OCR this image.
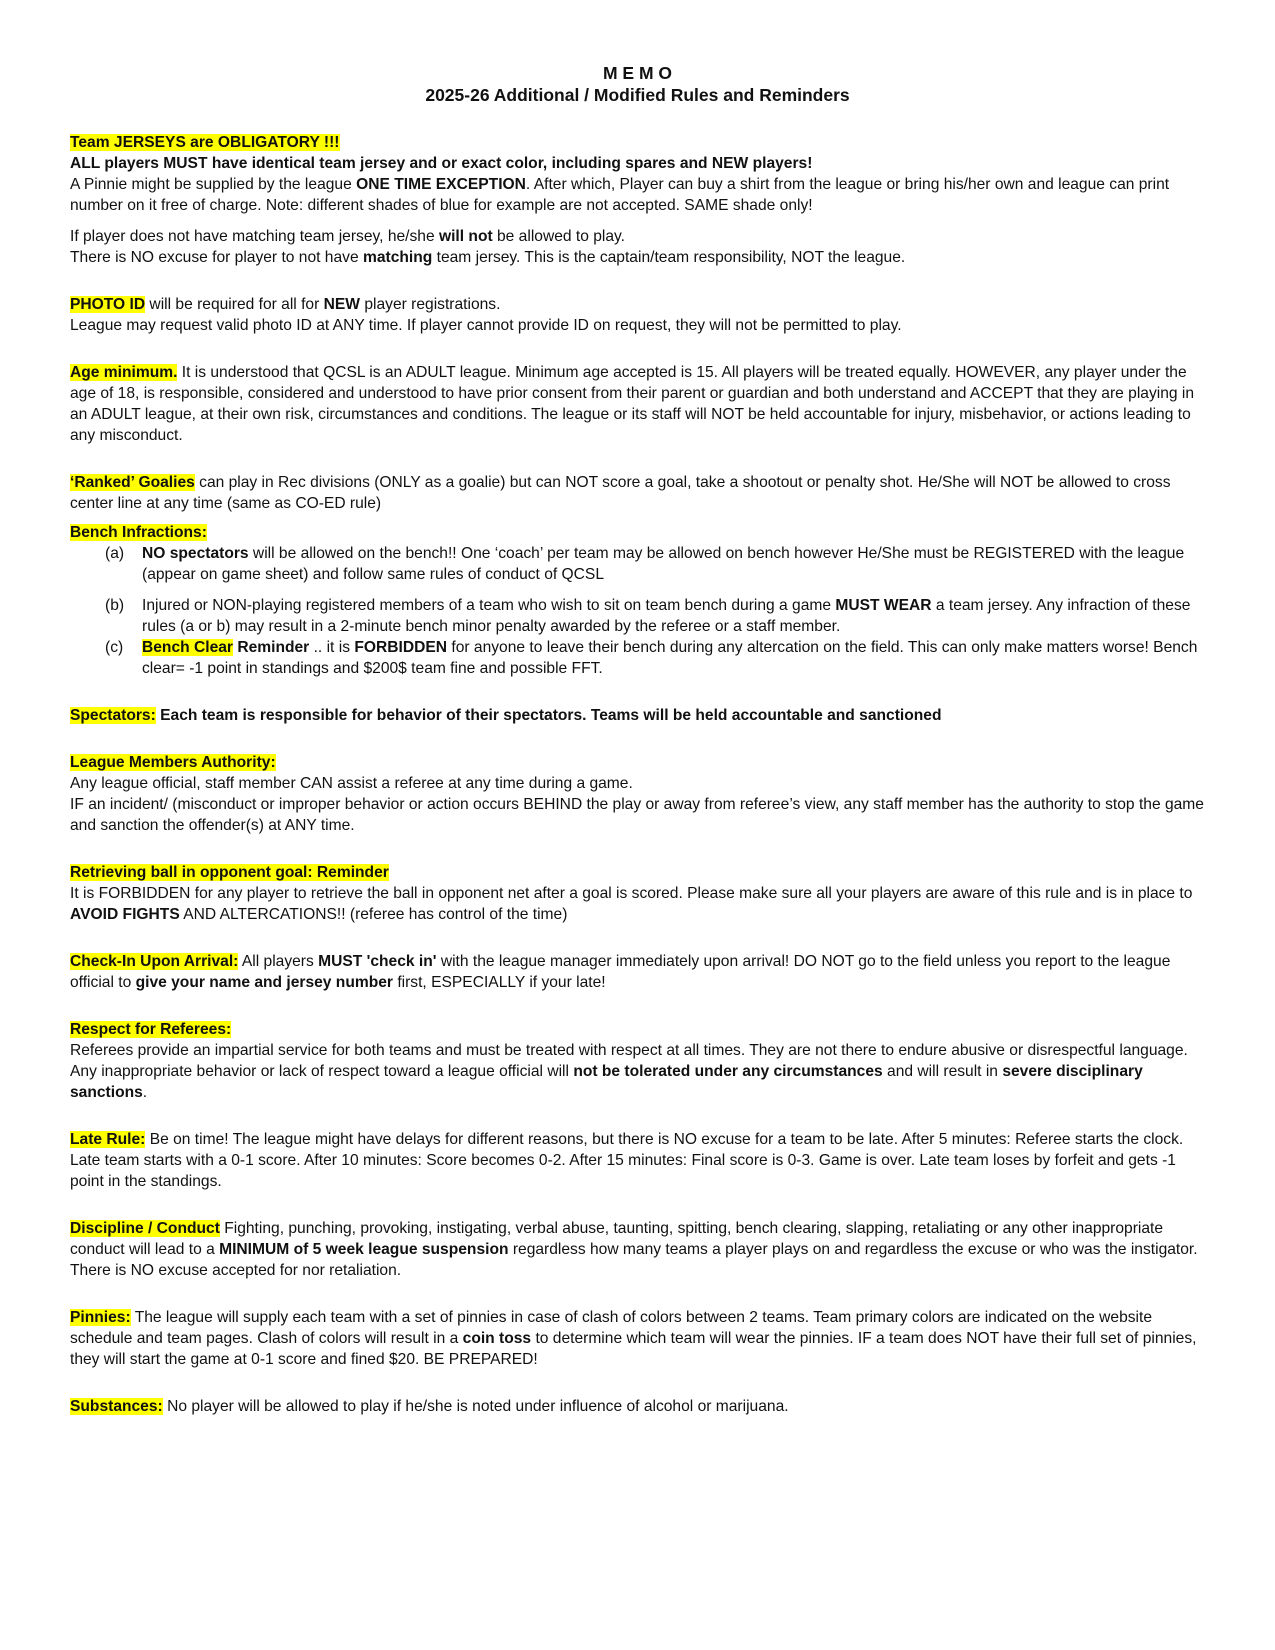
M E M O
2025-26 Additional / Modified Rules and Reminders

Team JERSEYS are OBLIGATORY !!!

ALL players MUST have identical team jersey and or exact color, including spares and NEW players!

A Pinnie might be supplied by the league ONE TIME EXCEPTION. After which, Player can buy a shirt from the league or bring his/her own and league can print number on it free of charge. Note: different shades of blue for example are not accepted. SAME shade only!

If player does not have matching team jersey, he/she will not be allowed to play.

There is NO excuse for player to not have matching team jersey. This is the captain/team responsibility, NOT the league.

PHOTO ID will be required for all for NEW player registrations.

League may request valid photo ID at ANY time. If player cannot provide ID on request, they will not be permitted to play.

Age minimum. It is understood that QCSL is an ADULT league. Minimum age accepted is 15. All players will be treated equally. HOWEVER, any player under the age of 18, is responsible, considered and understood to have prior consent from their parent or guardian and both understand and ACCEPT that they are playing in an ADULT league, at their own risk, circumstances and conditions. The league or its staff will NOT be held accountable for injury, misbehavior, or actions leading to any misconduct.

‘Ranked’ Goalies can play in Rec divisions (ONLY as a goalie) but can NOT score a goal, take a shootout or penalty shot. He/She will NOT be allowed to cross center line at any time (same as CO-ED rule)

Bench Infractions:

(a) NO spectators will be allowed on the bench!! One ‘coach’ per team may be allowed on bench however He/She must be REGISTERED with the league (appear on game sheet) and follow same rules of conduct of QCSL
(b) Injured or NON-playing registered members of a team who wish to sit on team bench during a game MUST WEAR a team jersey. Any infraction of these rules (a or b) may result in a 2-minute bench minor penalty awarded by the referee or a staff member.
(c) Bench Clear Reminder .. it is FORBIDDEN for anyone to leave their bench during any altercation on the field. This can only make matters worse! Bench clear= -1 point in standings and $200$ team fine and possible FFT.

Spectators: Each team is responsible for behavior of their spectators. Teams will be held accountable and sanctioned

League Members Authority:

Any league official, staff member CAN assist a referee at any time during a game.

IF an incident/ (misconduct or improper behavior or action occurs BEHIND the play or away from referee’s view, any staff member has the authority to stop the game and sanction the offender(s) at ANY time.

Retrieving ball in opponent goal: Reminder

It is FORBIDDEN for any player to retrieve the ball in opponent net after a goal is scored. Please make sure all your players are aware of this rule and is in place to AVOID FIGHTS AND ALTERCATIONS!! (referee has control of the time)

Check-In Upon Arrival: All players MUST 'check in' with the league manager immediately upon arrival! DO NOT go to the field unless you report to the league official to give your name and jersey number first, ESPECIALLY if your late!

Respect for Referees:

Referees provide an impartial service for both teams and must be treated with respect at all times. They are not there to endure abusive or disrespectful language. Any inappropriate behavior or lack of respect toward a league official will not be tolerated under any circumstances and will result in severe disciplinary sanctions.

Late Rule: Be on time! The league might have delays for different reasons, but there is NO excuse for a team to be late. After 5 minutes: Referee starts the clock. Late team starts with a 0-1 score. After 10 minutes: Score becomes 0-2. After 15 minutes: Final score is 0-3. Game is over. Late team loses by forfeit and gets -1 point in the standings.

Discipline / Conduct Fighting, punching, provoking, instigating, verbal abuse, taunting, spitting, bench clearing, slapping, retaliating or any other inappropriate conduct will lead to a MINIMUM of 5 week league suspension regardless how many teams a player plays on and regardless the excuse or who was the instigator. There is NO excuse accepted for nor retaliation.

Pinnies: The league will supply each team with a set of pinnies in case of clash of colors between 2 teams. Team primary colors are indicated on the website schedule and team pages. Clash of colors will result in a coin toss to determine which team will wear the pinnies. IF a team does NOT have their full set of pinnies, they will start the game at 0-1 score and fined $20. BE PREPARED!

Substances: No player will be allowed to play if he/she is noted under influence of alcohol or marijuana.
